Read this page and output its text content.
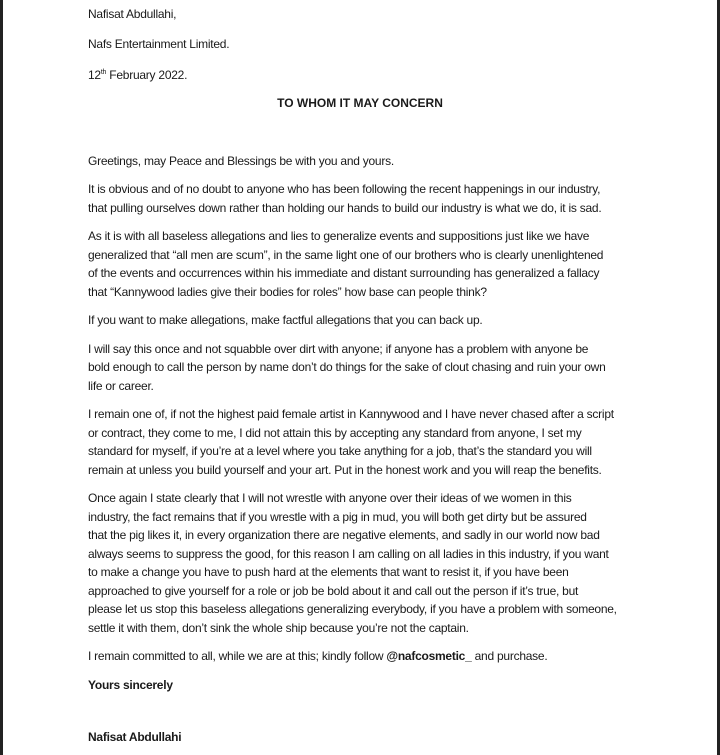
Nafisat Abdullahi,
Nafs Entertainment Limited.
12th February 2022.
TO WHOM IT MAY CONCERN
Greetings, may Peace and Blessings be with you and yours.
It is obvious and of no doubt to anyone who has been following the recent happenings in our industry,
that pulling ourselves down rather than holding our hands to build our industry is what we do, it is sad.
As it is with all baseless allegations and lies to generalize events and suppositions just like we have
generalized that “all men are scum”, in the same light one of our brothers who is clearly unenlightened
of the events and occurrences within his immediate and distant surrounding has generalized a fallacy
that “Kannywood ladies give their bodies for roles” how base can people think?
If you want to make allegations, make factful allegations that you can back up.
I will say this once and not squabble over dirt with anyone; if anyone has a problem with anyone be
bold enough to call the person by name don’t do things for the sake of clout chasing and ruin your own
life or career.
I remain one of, if not the highest paid female artist in Kannywood and I have never chased after a script
or contract, they come to me, I did not attain this by accepting any standard from anyone, I set my
standard for myself, if you’re at a level where you take anything for a job, that’s the standard you will
remain at unless you build yourself and your art. Put in the honest work and you will reap the benefits.
Once again I state clearly that I will not wrestle with anyone over their ideas of we women in this
industry, the fact remains that if you wrestle with a pig in mud, you will both get dirty but be assured
that the pig likes it, in every organization there are negative elements, and sadly in our world now bad
always seems to suppress the good, for this reason I am calling on all ladies in this industry, if you want
to make a change you have to push hard at the elements that want to resist it, if you have been
approached to give yourself for a role or job be bold about it and call out the person if it’s true, but
please let us stop this baseless allegations generalizing everybody, if you have a problem with someone,
settle it with them, don’t sink the whole ship because you’re not the captain.
I remain committed to all, while we are at this; kindly follow @nafcosmetic_ and purchase.
Yours sincerely
Nafisat Abdullahi
